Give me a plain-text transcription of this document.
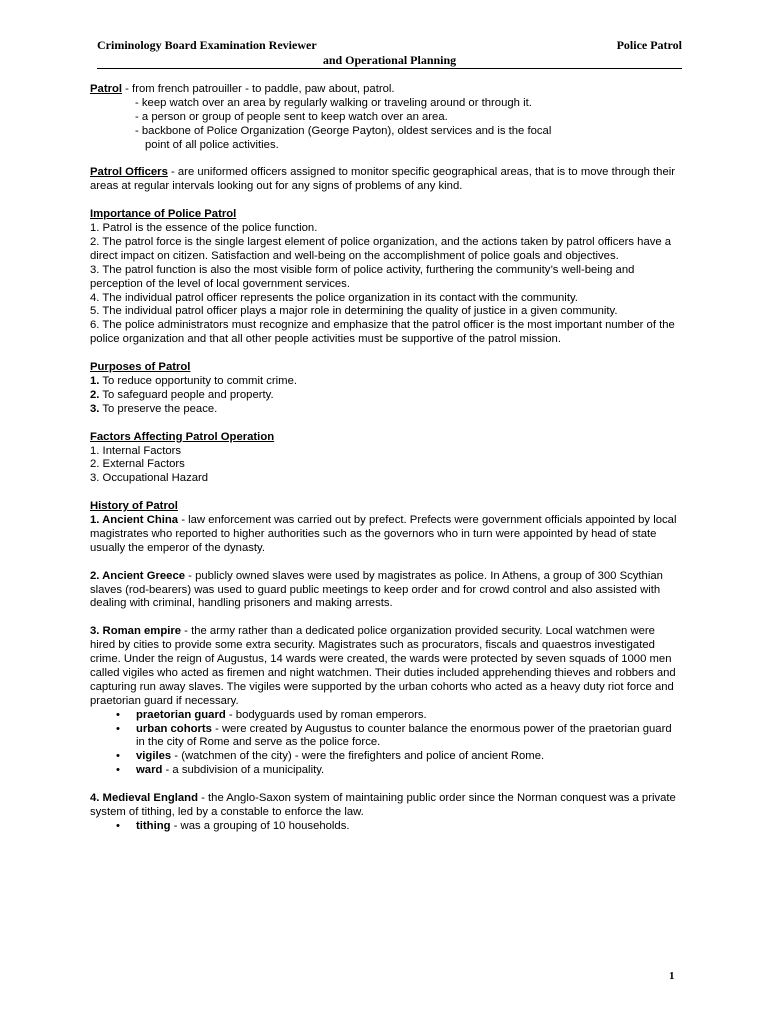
Criminology Board Examination Reviewer	Police Patrol
and Operational Planning

Patrol - from french patrouiller - to paddle, paw about, patrol.

- keep watch over an area by regularly walking or traveling around or through it.

- a person or group of people sent to keep watch over an area.

- backbone of Police Organization (George Payton), oldest services and is the focal

point of all police activities.

Patrol Officers - are uniformed officers assigned to monitor specific geographical areas, that is to move through their areas at regular intervals looking out for any signs of problems of any kind.

Importance of Police Patrol

1. Patrol is the essence of the police function.

2. The patrol force is the single largest element of police organization, and the actions taken by patrol officers have a direct impact on citizen. Satisfaction and well-being on the accomplishment of police goals and objectives.

3. The patrol function is also the most visible form of police activity, furthering the community’s well-being and perception of the level of local government services.

4. The individual patrol officer represents the police organization in its contact with the community.

5. The individual patrol officer plays a major role in determining the quality of justice in a given community.

6. The police administrators must recognize and emphasize that the patrol officer is the most important number of the police organization and that all other people activities must be supportive of the patrol mission.

Purposes of Patrol

1. To reduce opportunity to commit crime.

2. To safeguard people and property.

3. To preserve the peace.

Factors Affecting Patrol Operation

1. Internal Factors

2. External Factors

3. Occupational Hazard

History of Patrol

1. Ancient China - law enforcement was carried out by prefect. Prefects were government officials appointed by local magistrates who reported to higher authorities such as the governors who in turn were appointed by head of state usually the emperor of the dynasty.

2. Ancient Greece - publicly owned slaves were used by magistrates as police. In Athens, a group of 300 Scythian slaves (rod-bearers) was used to guard public meetings to keep order and for crowd control and also assisted with dealing with criminal, handling prisoners and making arrests.

3. Roman empire - the army rather than a dedicated police organization provided security. Local watchmen were hired by cities to provide some extra security. Magistrates such as procurators, fiscals and quaestros investigated crime. Under the reign of Augustus, 14 wards were created, the wards were protected by seven squads of 1000 men called vigiles who acted as firemen and night watchmen. Their duties included apprehending thieves and robbers and capturing run away slaves. The vigiles were supported by the urban cohorts who acted as a heavy duty riot force and praetorian guard if necessary.

• praetorian guard - bodyguards used by roman emperors.
• urban cohorts - were created by Augustus to counter balance the enormous power of the praetorian guard in the city of Rome and serve as the police force.
• vigiles - (watchmen of the city) - were the firefighters and police of ancient Rome.
• ward - a subdivision of a municipality.

4. Medieval England - the Anglo-Saxon system of maintaining public order since the Norman conquest was a private system of tithing, led by a constable to enforce the law.

• tithing - was a grouping of 10 households.
1
